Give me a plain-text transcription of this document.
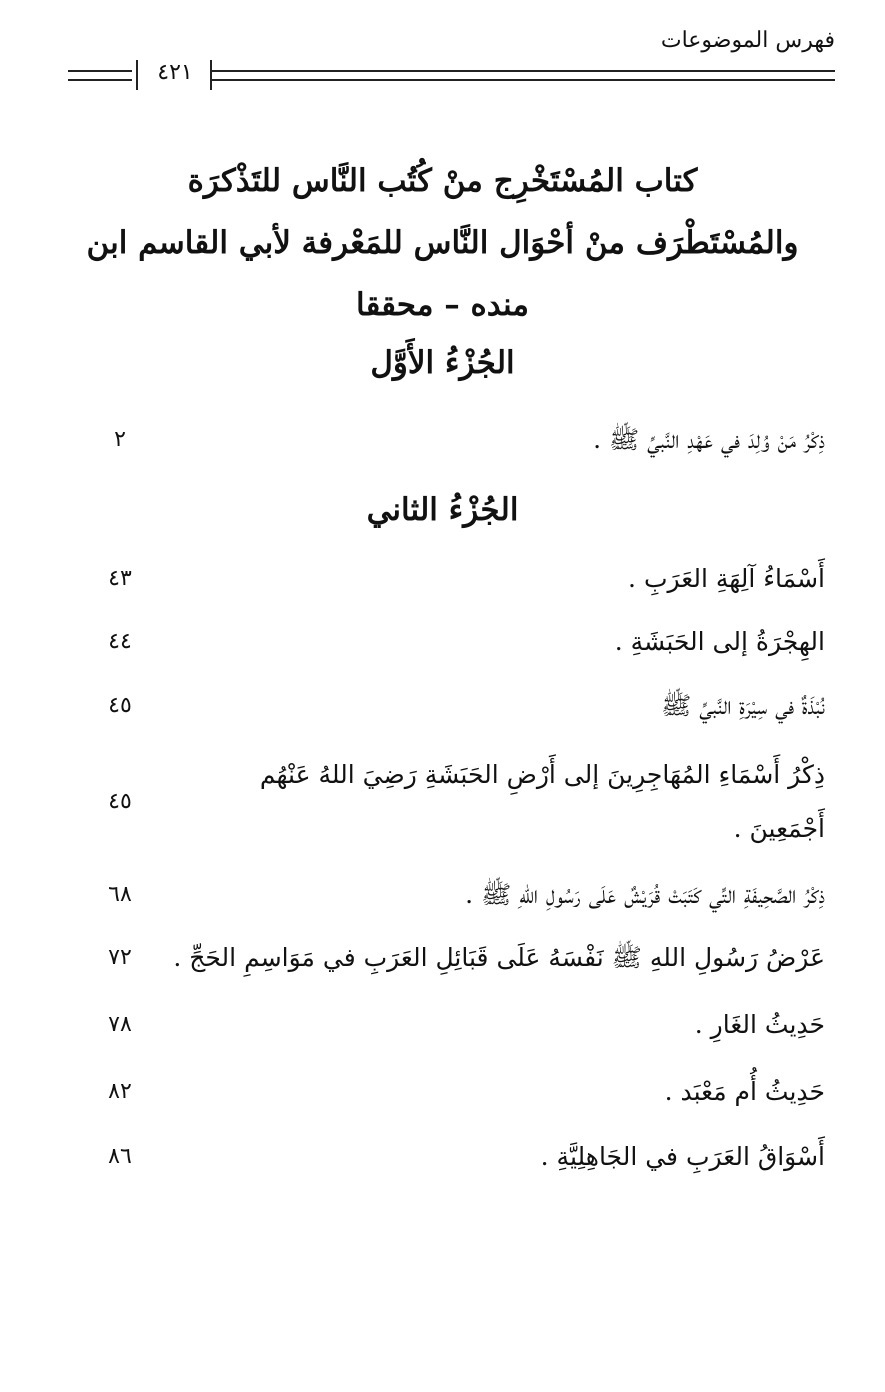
فهرس الموضوعات
٤٢١
كتاب المُسْتَخْرِج منْ كُتُب النَّاس للتَذْكرَة
والمُسْتَطْرَف منْ أحْوَال النَّاس للمَعْرفة لأبي القاسم ابن
منده – محققا
الجُزْءُ الأَوَّل
ذِكْرُ مَنْ وُلِدَ في عَهْدِ النَّبيِّ ﷺ .
٢
الجُزْءُ الثاني
أَسْمَاءُ آلِهَةِ العَرَبِ .
٤٣
الهِجْرَةُ إلى الحَبَشَةِ .
٤٤
نُبْذَةٌ في سِيْرَةِ النَّبيِّ ﷺ
٤٥
ذِكْرُ أَسْمَاءِ المُهَاجِرِينَ إلى أَرْضِ الحَبَشَةِ رَضِيَ اللهُ عَنْهُم أَجْمَعِينَ .
٤٥
ذِكْرُ الصَّحِيفَةِ التِّي كَتَبَتْ قُرَيْشٌ عَلَى رَسُولِ اللهِ ﷺ .
٦٨
عَرْضُ رَسُولِ اللهِ ﷺ نَفْسَهُ عَلَى قَبَائِلِ العَرَبِ في مَوَاسِمِ الحَجِّ .
٧٢
حَدِيثُ الغَارِ .
٧٨
حَدِيثُ أُم مَعْبَد .
٨٢
أَسْوَاقُ العَرَبِ في الجَاهِلِيَّةِ .
٨٦
